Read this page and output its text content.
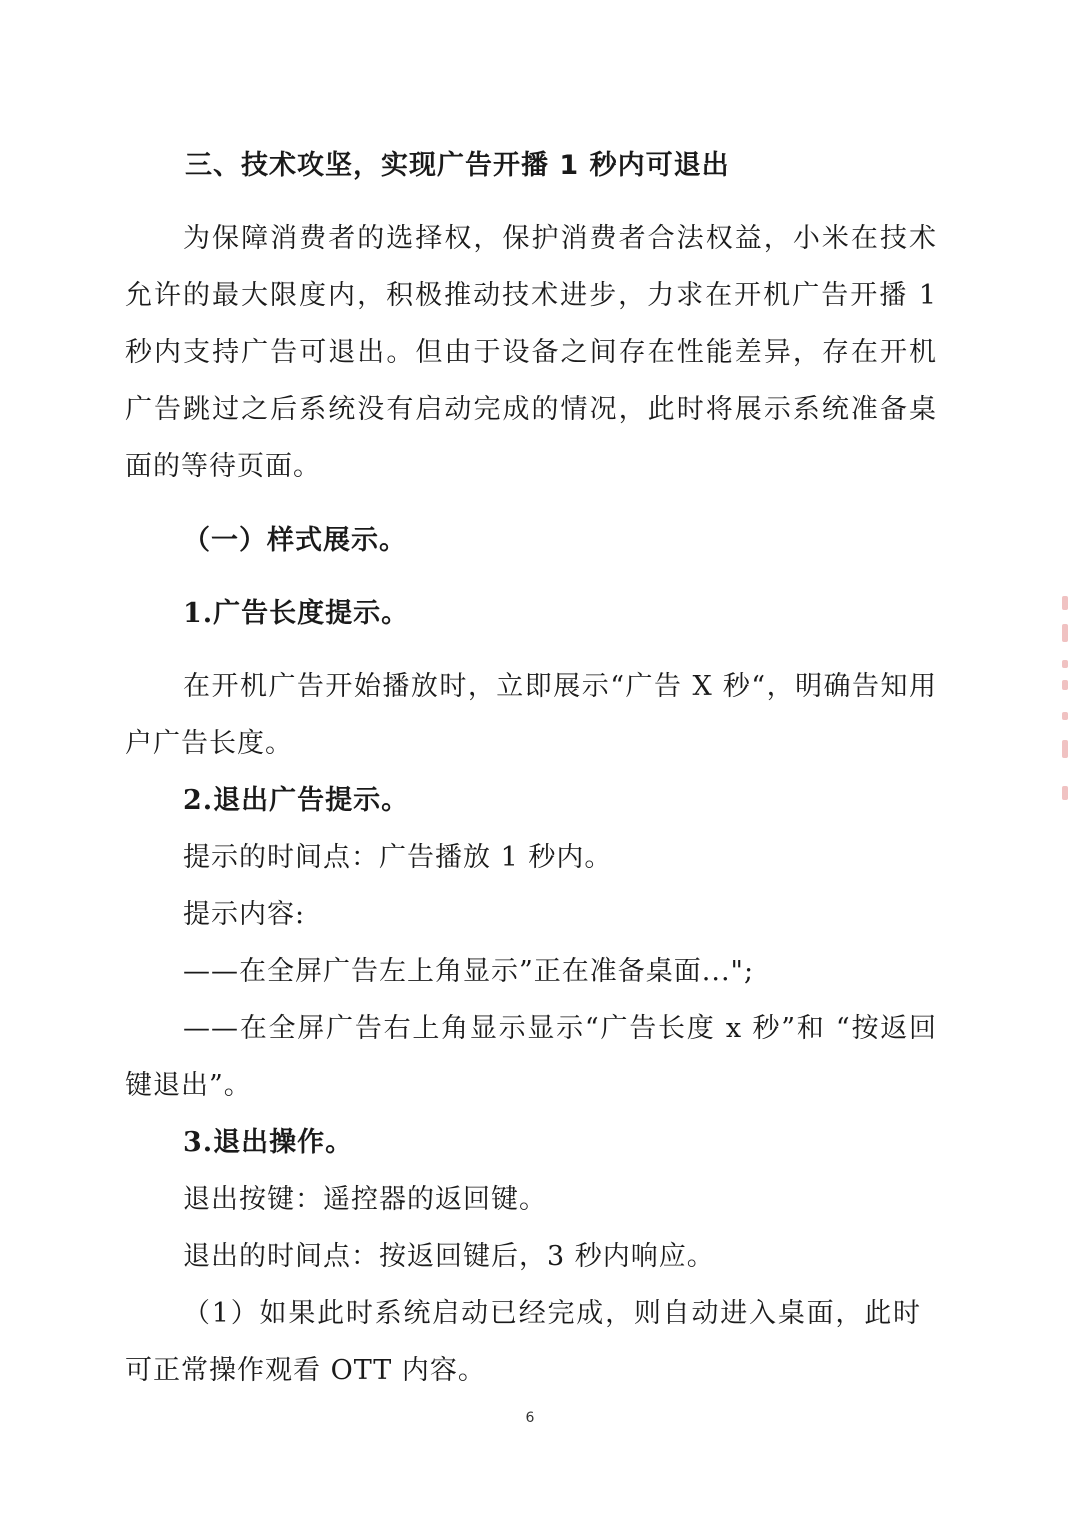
三、技术攻坚，实现广告开播 1 秒内可退出
为保障消费者的选择权，保护消费者合法权益，小米在技术
允许的最大限度内，积极推动技术进步，力求在开机广告开播 1
秒内支持广告可退出。但由于设备之间存在性能差异，存在开机
广告跳过之后系统没有启动完成的情况，此时将展示系统准备桌
面的等待页面。
（一）样式展示。
1.广告长度提示。
在开机广告开始播放时，立即展示“广告 X 秒“，明确告知用
户广告长度。
2.退出广告提示。
提示的时间点：广告播放 1 秒内。
提示内容:
——在全屏广告左上角显示”正在准备桌面...";
——在全屏广告右上角显示显示“广告长度 x 秒”和 “按返回
键退出”。
3.退出操作。
退出按键：遥控器的返回键。
退出的时间点：按返回键后，3 秒内响应。
（1）如果此时系统启动已经完成，则自动进入桌面，此时
可正常操作观看 OTT 内容。
6
